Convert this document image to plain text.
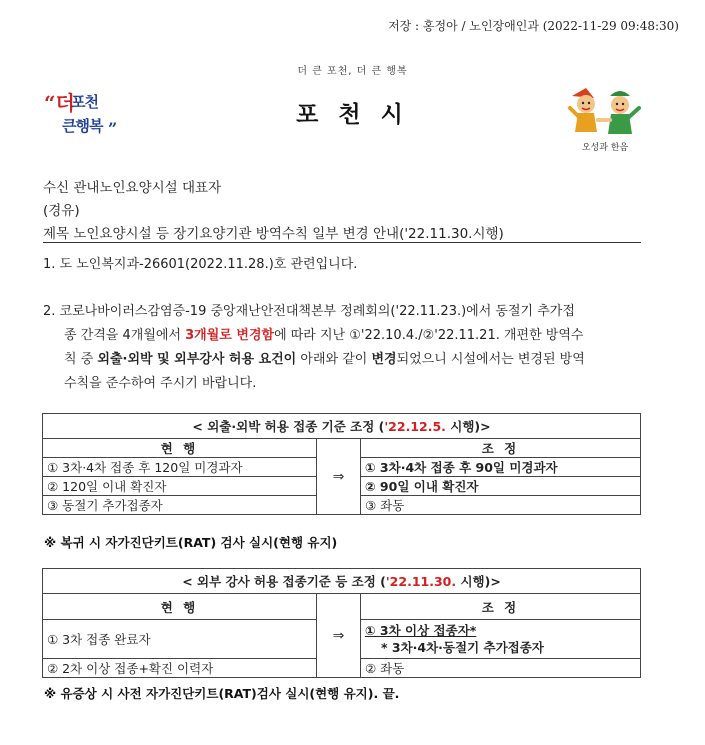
저장 : 홍정아 / 노인장애인과 (2022-11-29 09:48:30)
더 큰 포천, 더 큰 행복
“더
포천
큰행복 ”
포 천 시
오성과 한음
수신 관내노인요양시설 대표자
(경유)
제목 노인요양시설 등 장기요양기관 방역수칙 일부 변경 안내('22.11.30.시행)
1. 도 노인복지과-26601(2022.11.28.)호 관련입니다.
2. 코로나바이러스감염증-19 중앙재난안전대책본부 정례회의('22.11.23.)에서 동절기 추가접
종 간격을 4개월에서 3개월로 변경함에 따라 지난 ①'22.10.4./②'22.11.21. 개편한 방역수
칙 중 외출·외박 및 외부강사 허용 요건이 아래와 같이 변경되었으니 시설에서는 변경된 방역
수칙을 준수하여 주시기 바랍니다.
< 외출·외박 허용 접종 기준 조정 ('22.12.5. 시행)>		
현 행	⇒	조 정
① 3차·4차 접종 후 120일 미경과자		① 3차·4차 접종 후 90일 미경과자
② 120일 이내 확진자		② 90일 이내 확진자
③ 동절기 추가접종자		③ 좌동
※ 복귀 시 자가진단키트(RAT) 검사 실시(현행 유지)
< 외부 강사 허용 접종기준 등 조정 ('22.11.30. 시행)>		
현 행	⇒	조 정
① 3차 접종 완료자		① 3차 이상 접종자*
* 3차·4차·동절기 추가접종자

② 2차 이상 접종+확진 이력자		② 좌동
※ 유증상 시 사전 자가진단키트(RAT)검사 실시(현행 유지). 끝.
